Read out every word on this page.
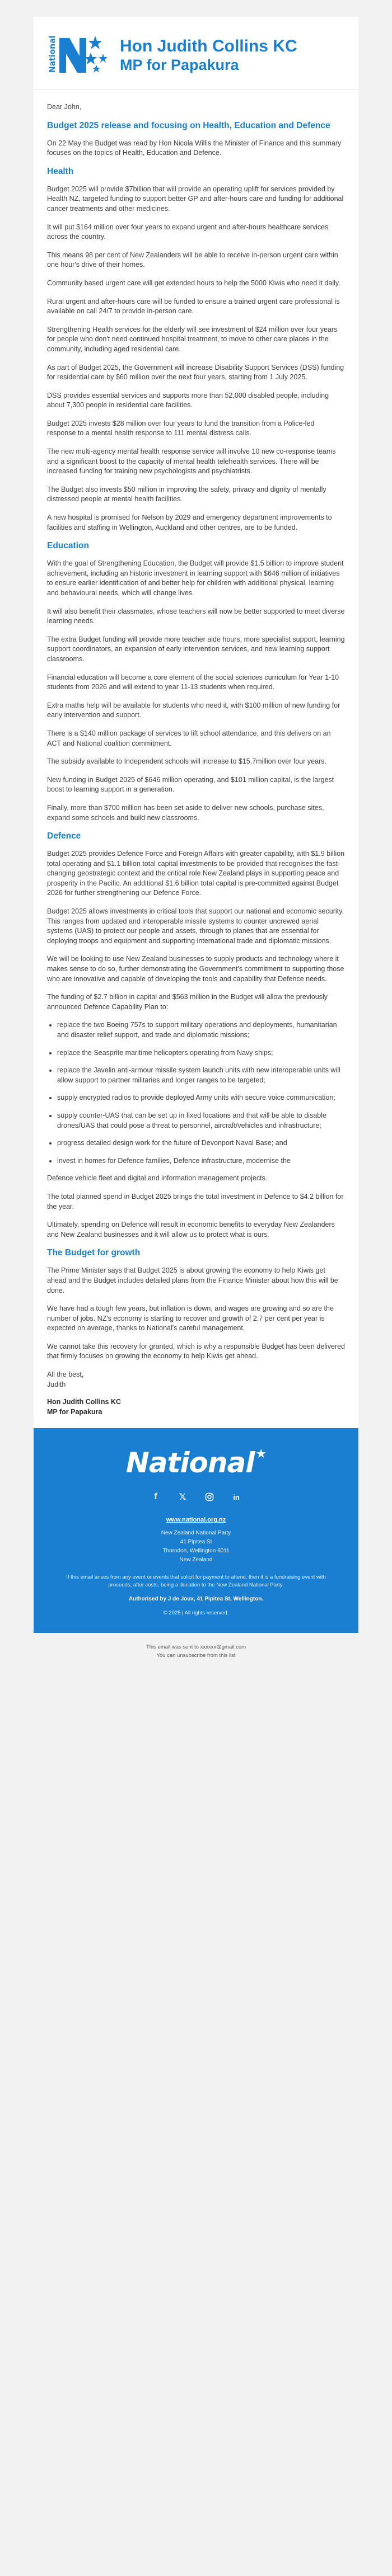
National	Hon Judith Collins KC
MP for Papakura

Dear John,

Budget 2025 release and focusing on Health, Education and Defence

On 22 May the Budget was read by Hon Nicola Willis the Minister of Finance and this summary focuses on the topics of Health, Education and Defence.

Health

Budget 2025 will provide $7billion that will provide an operating uplift for services provided by Health NZ, targeted funding to support better GP and after-hours care and funding for additional cancer treatments and other medicines.

It will put $164 million over four years to expand urgent and after-hours healthcare services across the country.

This means 98 per cent of New Zealanders will be able to receive in-person urgent care within one hour's drive of their homes.

Community based urgent care will get extended hours to help the 5000 Kiwis who need it daily.

Rural urgent and after-hours care will be funded to ensure a trained urgent care professional is available on call 24/7 to provide in-person care.

Strengthening Health services for the elderly will see investment of $24 million over four years for people who don't need continued hospital treatment, to move to other care places in the community, including aged residential care.

As part of Budget 2025, the Government will increase Disability Support Services (DSS) funding for residential care by $60 million over the next four years, starting from 1 July 2025.

DSS provides essential services and supports more than 52,000 disabled people, including about 7,300 people in residential care facilities.

Budget 2025 invests $28 million over four years to fund the transition from a Police-led response to a mental health response to 111 mental distress calls.

The new multi-agency mental health response service will involve 10 new co-response teams and a significant boost to the capacity of mental health telehealth services. There will be increased funding for training new psychologists and psychiatrists.

The Budget also invests $50 million in improving the safety, privacy and dignity of mentally distressed people at mental health facilities.

A new hospital is promised for Nelson by 2029 and emergency department improvements to facilities and staffing in Wellington, Auckland and other centres, are to be funded.

Education

With the goal of Strengthening Education, the Budget will provide $1.5 billion to improve student achievement, including an historic investment in learning support with $646 million of initiatives to ensure earlier identification of and better help for children with additional physical, learning and behavioural needs, which will change lives.

It will also benefit their classmates, whose teachers will now be better supported to meet diverse learning needs.

The extra Budget funding will provide more teacher aide hours, more specialist support, learning support coordinators, an expansion of early intervention services, and new learning support classrooms.

Financial education will become a core element of the social sciences curriculum for Year 1-10 students from 2026 and will extend to year 11-13 students when required.

Extra maths help will be available for students who need it, with $100 million of new funding for early intervention and support.

There is a $140 million package of services to lift school attendance, and this delivers on an ACT and National coalition commitment.

The subsidy available to Independent schools will increase to $15.7million over four years.

New funding in Budget 2025 of $646 million operating, and $101 million capital, is the largest boost to learning support in a generation.

Finally, more than $700 million has been set aside to deliver new schools, purchase sites, expand some schools and build new classrooms.

Defence

Budget 2025 provides Defence Force and Foreign Affairs with greater capability, with $1.9 billion total operating and $1.1 billion total capital investments to be provided that recognises the fast-changing geostrategic context and the critical role New Zealand plays in supporting peace and prosperity in the Pacific. An additional $1.6 billion total capital is pre-committed against Budget 2026 for further strengthening our Defence Force.

Budget 2025 allows investments in critical tools that support our national and economic security. This ranges from updated and interoperable missile systems to counter uncrewed aerial systems (UAS) to protect our people and assets, through to planes that are essential for deploying troops and equipment and supporting international trade and diplomatic missions.

We will be looking to use New Zealand businesses to supply products and technology where it makes sense to do so, further demonstrating the Government's commitment to supporting those who are innovative and capable of developing the tools and capability that Defence needs.

The funding of $2.7 billion in capital and $563 million in the Budget will allow the previously announced Defence Capability Plan to:

• replace the two Boeing 757s to support military operations and deployments, humanitarian and disaster relief support, and trade and diplomatic missions;
• replace the Seasprite maritime helicopters operating from Navy ships;
• replace the Javelin anti-armour missile system launch units with new interoperable units will allow support to partner militaries and longer ranges to be targeted;
• supply encrypted radios to provide deployed Army units with secure voice communication;
• supply counter-UAS that can be set up in fixed locations and that will be able to disable drones/UAS that could pose a threat to personnel, aircraft/vehicles and infrastructure;
• progress detailed design work for the future of Devonport Naval Base; and
• invest in homes for Defence families, Defence infrastructure, modernise the

Defence vehicle fleet and digital and information management projects.

The total planned spend in Budget 2025 brings the total investment in Defence to $4.2 billion for the year.

Ultimately, spending on Defence will result in economic benefits to everyday New Zealanders and New Zealand businesses and it will allow us to protect what is ours.

The Budget for growth

The Prime Minister says that Budget 2025 is about growing the economy to help Kiwis get ahead and the Budget includes detailed plans from the Finance Minister about how this will be done.

We have had a tough few years, but inflation is down, and wages are growing and so are the number of jobs. NZ's economy is starting to recover and growth of 2.7 per cent per year is expected on average, thanks to National's careful management.

We cannot take this recovery for granted, which is why a responsible Budget has been delivered that firmly focuses on growing the economy to help Kiwis get ahead.

All the best,
Judith
Hon Judith Collins KC
MP for Papakura
National ★
f	𝕏	in
www.national.org.nz
New Zealand National Party
41 Pipitea St
Thorndon, Wellington 6011
New Zealand
If this email arises from any event or events that solicit for payment to attend, then it is a fundraising event with proceeds, after costs, being a donation to the New Zealand National Party.
Authorised by J de Joux, 41 Pipitea St, Wellington.
© 2025 | All rights reserved.
This email was sent to xxxxxx@gmail.com
You can unsubscribe from this list
